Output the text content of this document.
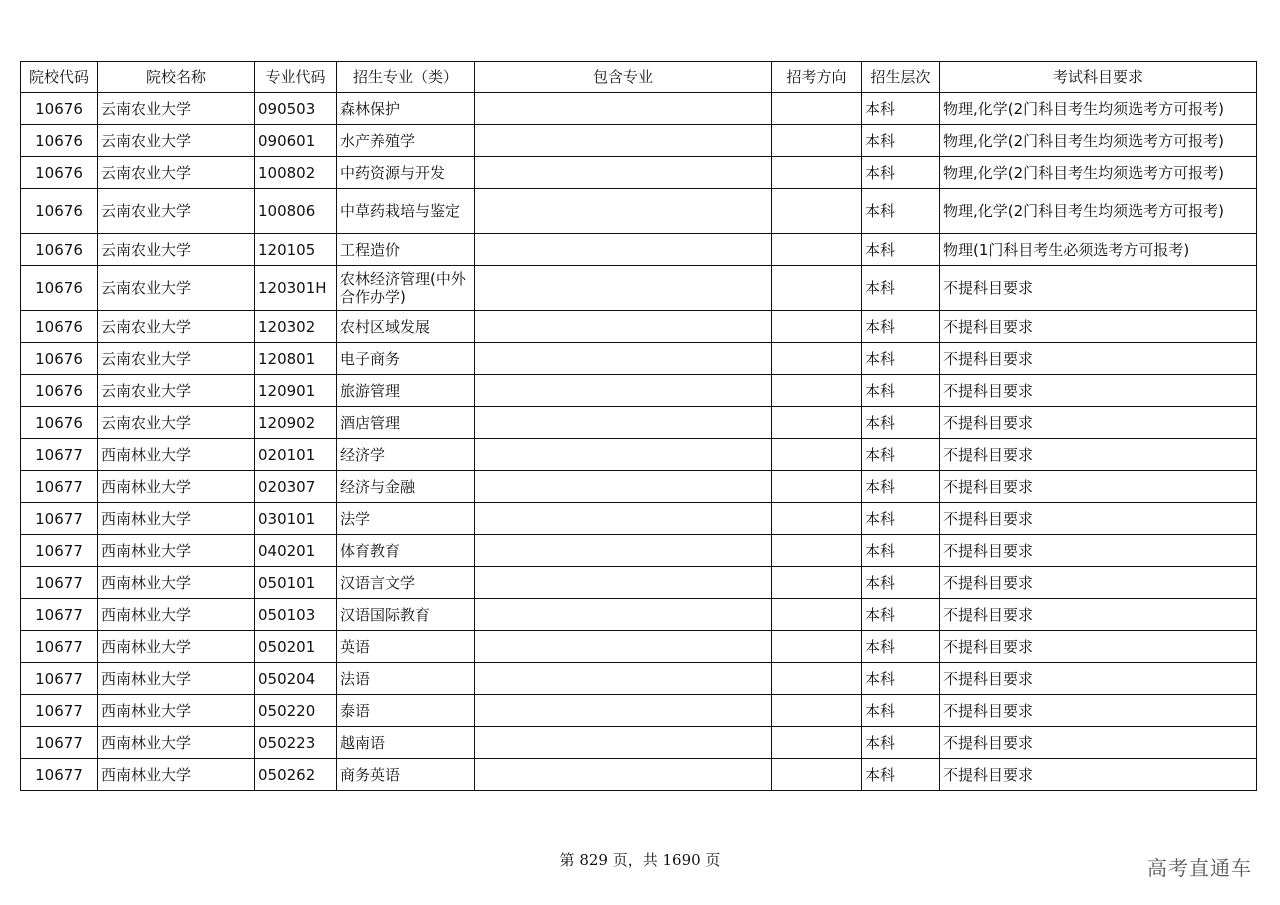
院校代码	院校名称	专业代码	招生专业（类）	包含专业	招考方向	招生层次	考试科目要求
10676	云南农业大学	090503	森林保护			本科	物理,化学(2门科目考生均须选考方可报考)
10676	云南农业大学	090601	水产养殖学			本科	物理,化学(2门科目考生均须选考方可报考)
10676	云南农业大学	100802	中药资源与开发			本科	物理,化学(2门科目考生均须选考方可报考)
10676	云南农业大学	100806	中草药栽培与鉴定			本科	物理,化学(2门科目考生均须选考方可报考)
10676	云南农业大学	120105	工程造价			本科	物理(1门科目考生必须选考方可报考)
10676	云南农业大学	120301H	农林经济管理(中外合作办学)			本科	不提科目要求
10676	云南农业大学	120302	农村区域发展			本科	不提科目要求
10676	云南农业大学	120801	电子商务			本科	不提科目要求
10676	云南农业大学	120901	旅游管理			本科	不提科目要求
10676	云南农业大学	120902	酒店管理			本科	不提科目要求
10677	西南林业大学	020101	经济学			本科	不提科目要求
10677	西南林业大学	020307	经济与金融			本科	不提科目要求
10677	西南林业大学	030101	法学			本科	不提科目要求
10677	西南林业大学	040201	体育教育			本科	不提科目要求
10677	西南林业大学	050101	汉语言文学			本科	不提科目要求
10677	西南林业大学	050103	汉语国际教育			本科	不提科目要求
10677	西南林业大学	050201	英语			本科	不提科目要求
10677	西南林业大学	050204	法语			本科	不提科目要求
10677	西南林业大学	050220	泰语			本科	不提科目要求
10677	西南林业大学	050223	越南语			本科	不提科目要求
10677	西南林业大学	050262	商务英语			本科	不提科目要求
第 829 页，共 1690 页	高考直通车
